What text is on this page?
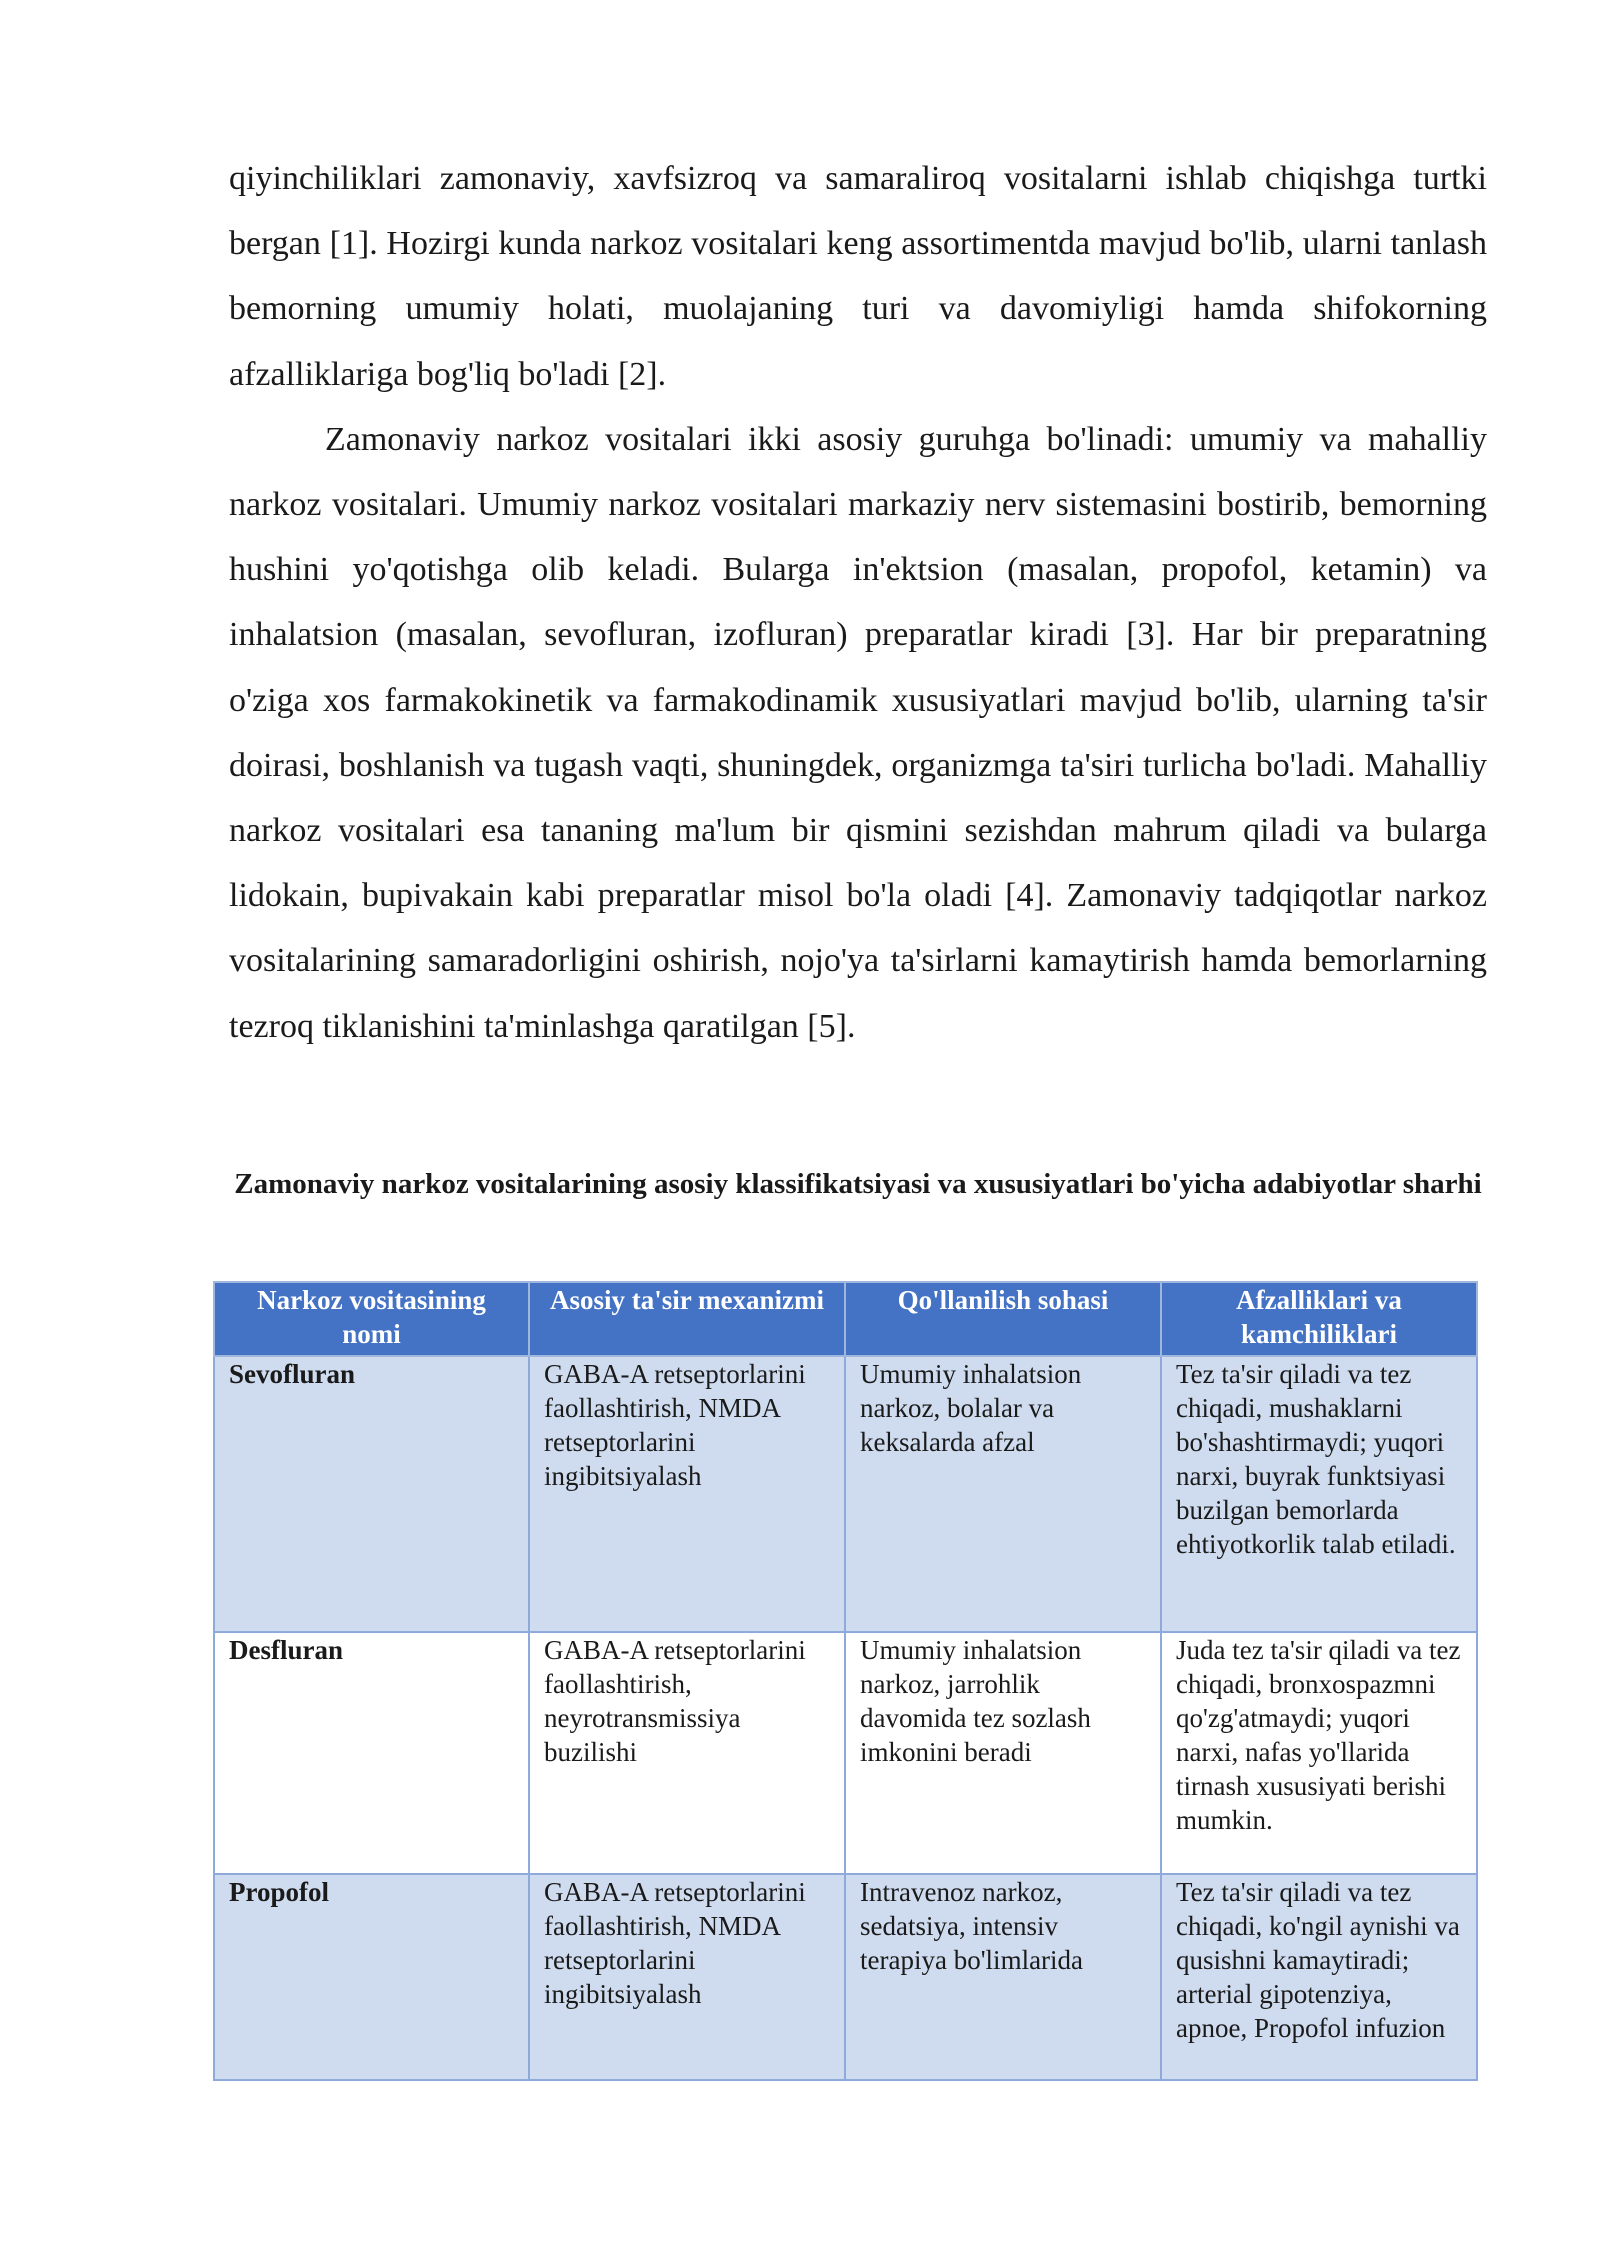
qiyinchiliklari zamonaviy, xavfsizroq va samaraliroq vositalarni ishlab chiqishga turtki bergan [1]. Hozirgi kunda narkoz vositalari keng assortimentda mavjud bo'lib, ularni tanlash bemorning umumiy holati, muolajaning turi va davomiyligi hamda shifokorning afzalliklariga bog'liq bo'ladi [2].

Zamonaviy narkoz vositalari ikki asosiy guruhga bo'linadi: umumiy va mahalliy narkoz vositalari. Umumiy narkoz vositalari markaziy nerv sistemasini bostirib, bemorning hushini yo'qotishga olib keladi. Bularga in'ektsion (masalan, propofol, ketamin) va inhalatsion (masalan, sevofluran, izofluran) preparatlar kiradi [3]. Har bir preparatning o'ziga xos farmakokinetik va farmakodinamik xususiyatlari mavjud bo'lib, ularning ta'sir doirasi, boshlanish va tugash vaqti, shuningdek, organizmga ta'siri turlicha bo'ladi. Mahalliy narkoz vositalari esa tananing ma'lum bir qismini sezishdan mahrum qiladi va bularga lidokain, bupivakain kabi preparatlar misol bo'la oladi [4]. Zamonaviy tadqiqotlar narkoz vositalarining samaradorligini oshirish, nojo'ya ta'sirlarni kamaytirish hamda bemorlarning tezroq tiklanishini ta'minlashga qaratilgan [5].

Zamonaviy narkoz vositalarining asosiy klassifikatsiyasi va xususiyatlari bo'yicha adabiyotlar sharhi
Narkoz vositasining nomi	Asosiy ta'sir mexanizmi	Qo'llanilish sohasi	Afzalliklari va kamchiliklari
Sevofluran	GABA-A retseptorlarini faollashtirish, NMDA retseptorlarini ingibitsiyalash	Umumiy inhalatsion narkoz, bolalar va keksalarda afzal	Tez ta'sir qiladi va tez chiqadi, mushaklarni bo'shashtirmaydi; yuqori narxi, buyrak funktsiyasi buzilgan bemorlarda ehtiyotkorlik talab etiladi.
Desfluran	GABA-A retseptorlarini faollashtirish, neyrotransmissiya buzilishi	Umumiy inhalatsion narkoz, jarrohlik davomida tez sozlash imkonini beradi	Juda tez ta'sir qiladi va tez chiqadi, bronxospazmni qo'zg'atmaydi; yuqori narxi, nafas yo'llarida tirnash xususiyati berishi mumkin.
Propofol	GABA-A retseptorlarini faollashtirish, NMDA retseptorlarini ingibitsiyalash	Intravenoz narkoz, sedatsiya, intensiv terapiya bo'limlarida	Tez ta'sir qiladi va tez chiqadi, ko'ngil aynishi va qusishni kamaytiradi; arterial gipotenziya, apnoe, Propofol infuzion
